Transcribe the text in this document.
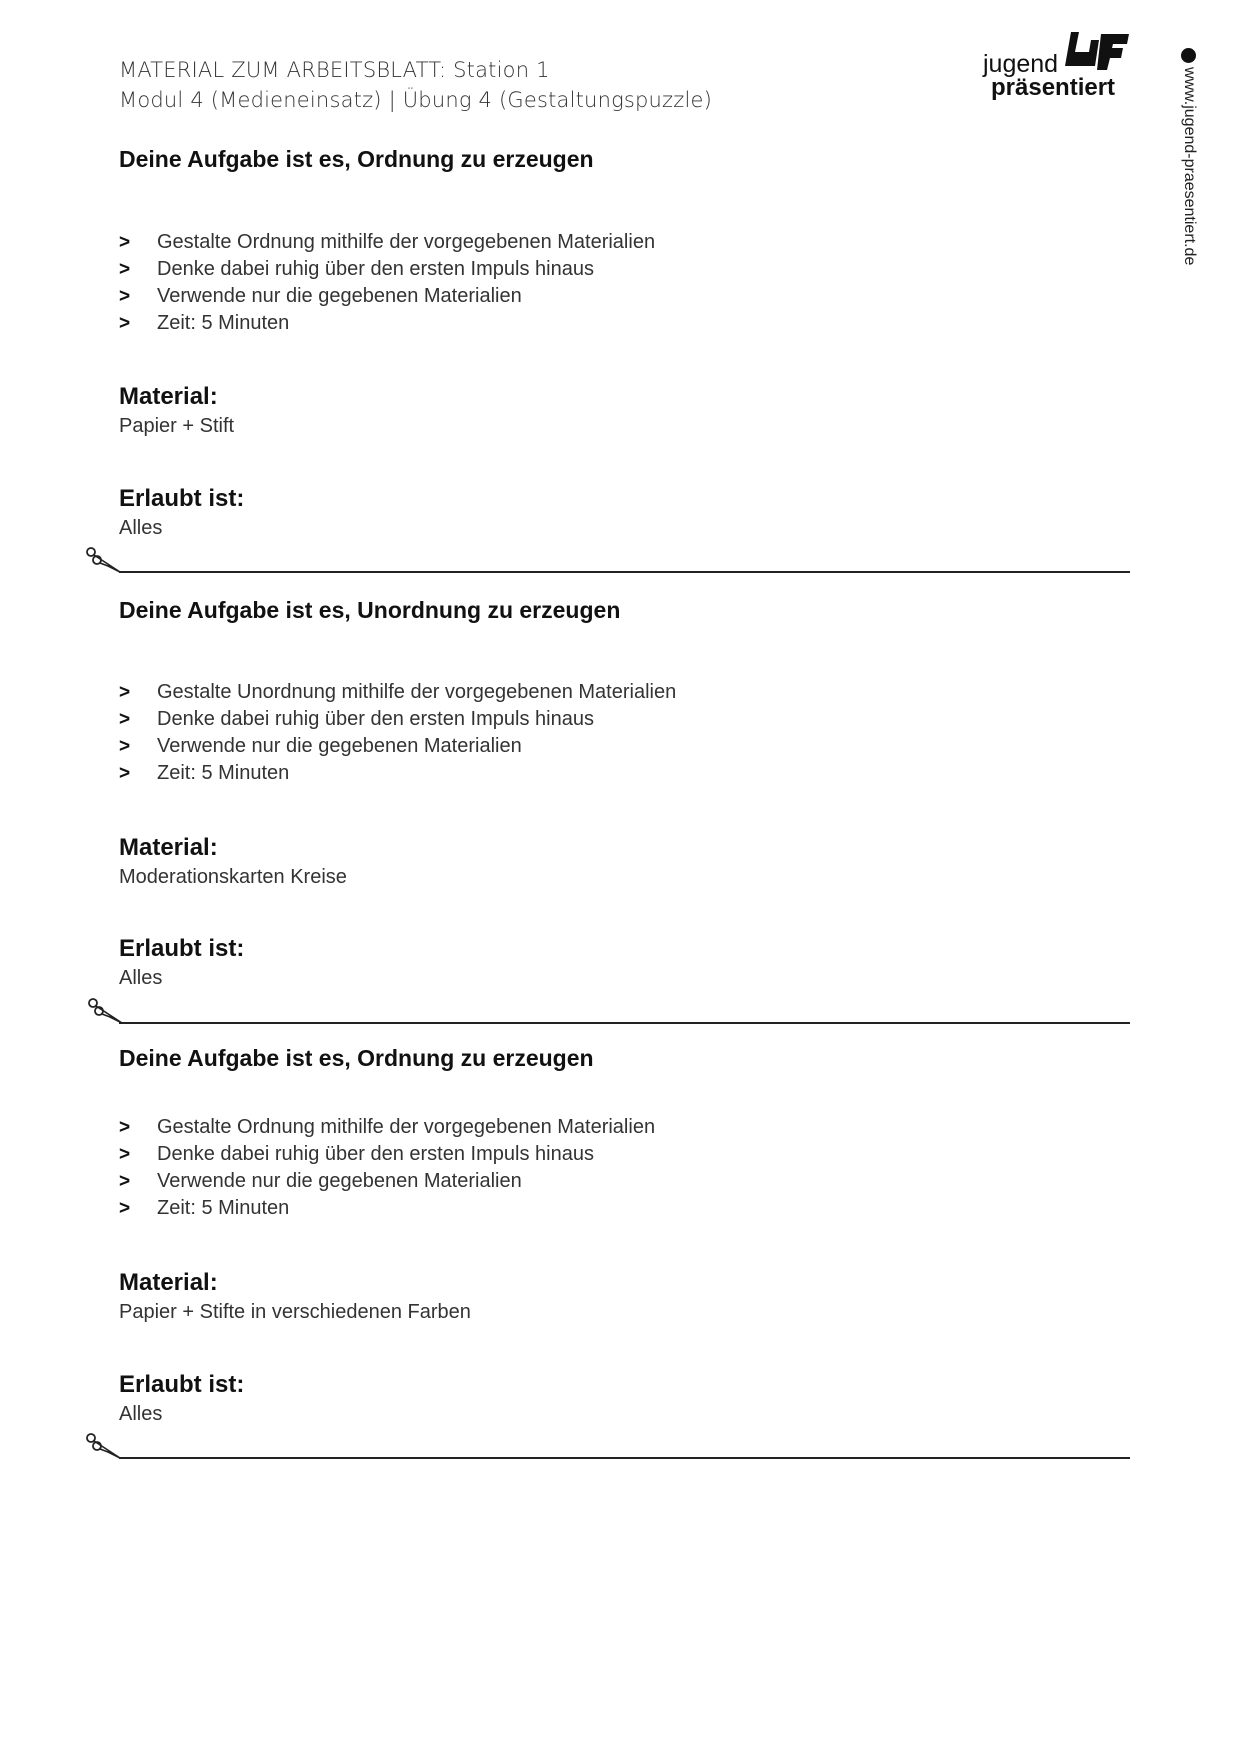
MATERIAL ZUM ARBEITSBLATT: Station 1
Modul 4 (Medieneinsatz) | Übung 4 (Gestaltungspuzzle)
jugend
präsentiert	www.jugend-praesentiert.de
Deine Aufgabe ist es, Ordnung zu erzeugen
> Gestalte Ordnung mithilfe der vorgegebenen Materialien
> Denke dabei ruhig über den ersten Impuls hinaus
> Verwende nur die gegebenen Materialien
> Zeit: 5 Minuten
Material:
Papier + Stift
Erlaubt ist:
Alles
Deine Aufgabe ist es, Unordnung zu erzeugen
> Gestalte Unordnung mithilfe der vorgegebenen Materialien
> Denke dabei ruhig über den ersten Impuls hinaus
> Verwende nur die gegebenen Materialien
> Zeit: 5 Minuten
Material:
Moderationskarten Kreise
Erlaubt ist:
Alles
Deine Aufgabe ist es, Ordnung zu erzeugen
> Gestalte Ordnung mithilfe der vorgegebenen Materialien
> Denke dabei ruhig über den ersten Impuls hinaus
> Verwende nur die gegebenen Materialien
> Zeit: 5 Minuten
Material:
Papier + Stifte in verschiedenen Farben
Erlaubt ist:
Alles
